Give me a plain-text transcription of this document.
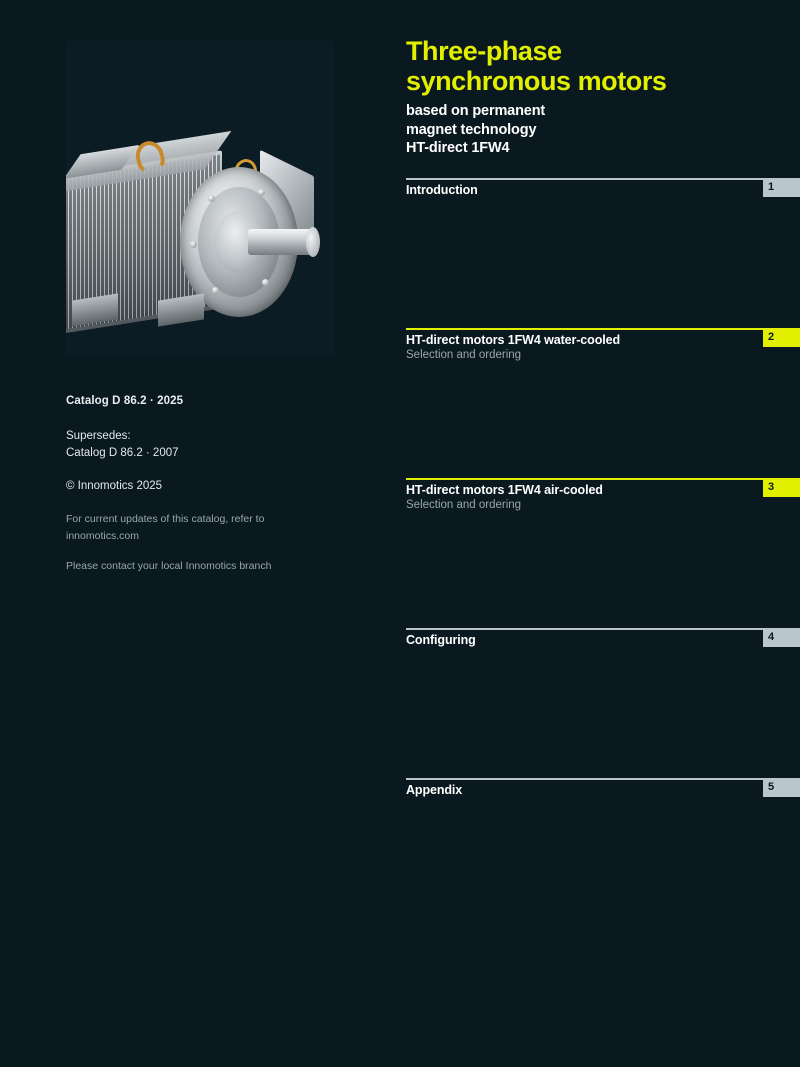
Catalog D 86.2 · 2025
Supersedes:
Catalog D 86.2 · 2007
© Innomotics 2025
For current updates of this catalog, refer to
innomotics.com
Please contact your local Innomotics branch
Three-phase
synchronous motors
based on permanent
magnet technology
HT-direct 1FW4
1
Introduction
2
HT-direct motors 1FW4 water-cooled
Selection and ordering
3
HT-direct motors 1FW4 air-cooled
Selection and ordering
4
Configuring
5
Appendix
